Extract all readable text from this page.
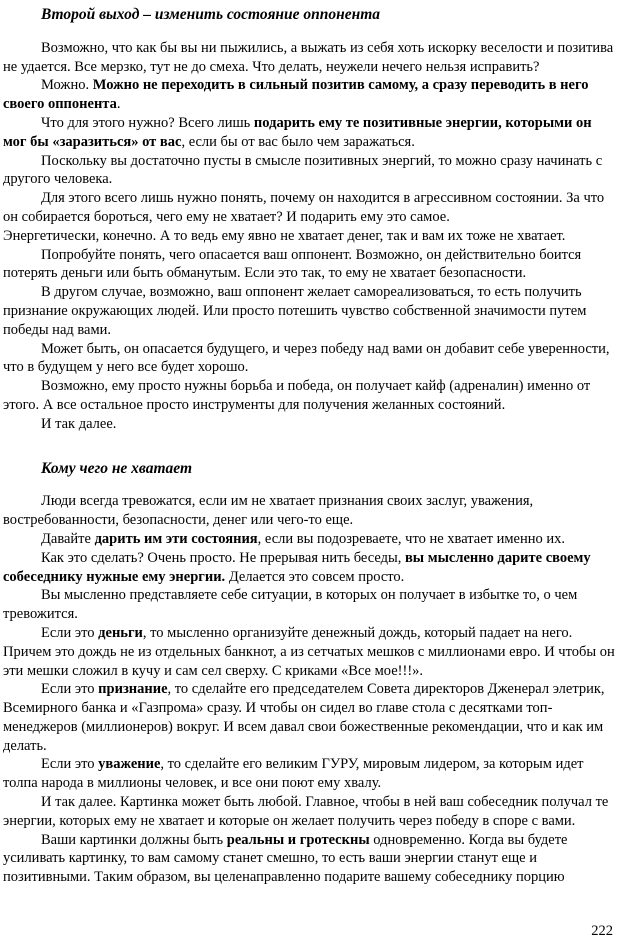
Второй выход – изменить состояние оппонента

Возможно, что как бы вы ни пыжились, а выжать из себя хоть искорку веселости и позитива не удается. Все мерзко, тут не до смеха. Что делать, неужели нечего нельзя исправить?

Можно. Можно не переходить в сильный позитив самому, а сразу переводить в него своего оппонента.

Что для этого нужно? Всего лишь подарить ему те позитивные энергии, которыми он мог бы «заразиться» от вас, если бы от вас было чем заражаться.

Поскольку вы достаточно пусты в смысле позитивных энергий, то можно сразу начинать с другого человека.

Для этого всего лишь нужно понять, почему он находится в агрессивном состоянии. За что он собирается бороться, чего ему не хватает? И подарить ему это самое.

Энергетически, конечно. А то ведь ему явно не хватает денег, так и вам их тоже не хватает.

Попробуйте понять, чего опасается ваш оппонент. Возможно, он действительно боится потерять деньги или быть обманутым. Если это так, то ему не хватает безопасности.

В другом случае, возможно, ваш оппонент желает самореализоваться, то есть получить признание окружающих людей. Или просто потешить чувство собственной значимости путем победы над вами.

Может быть, он опасается будущего, и через победу над вами он добавит себе уверенности, что в будущем у него все будет хорошо.

Возможно, ему просто нужны борьба и победа, он получает кайф (адреналин) именно от этого. А все остальное просто инструменты для получения желанных состояний.

И так далее.

Кому чего не хватает

Люди всегда тревожатся, если им не хватает признания своих заслуг, уважения, востребованности, безопасности, денег или чего-то еще.

Давайте дарить им эти состояния, если вы подозреваете, что не хватает именно их.

Как это сделать? Очень просто. Не прерывая нить беседы, вы мысленно дарите своему собеседнику нужные ему энергии. Делается это совсем просто.

Вы мысленно представляете себе ситуации, в которых он получает в избытке то, о чем тревожится.

Если это деньги, то мысленно организуйте денежный дождь, который падает на него. Причем это дождь не из отдельных банкнот, а из сетчатых мешков с миллионами евро. И чтобы он эти мешки сложил в кучу и сам сел сверху. С криками «Все мое!!!».

Если это признание, то сделайте его председателем Совета директоров Дженерал элетрик, Всемирного банка и «Газпрома» сразу. И чтобы он сидел во главе стола с десятками топ-менеджеров (миллионеров) вокруг. И всем давал свои божественные рекомендации, что и как им делать.

Если это уважение, то сделайте его великим ГУРУ, мировым лидером, за которым идет толпа народа в миллионы человек, и все они поют ему хвалу.

И так далее. Картинка может быть любой. Главное, чтобы в ней ваш собеседник получал те энергии, которых ему не хватает и которые он желает получить через победу в споре с вами.

Ваши картинки должны быть реальны и гротескны одновременно. Когда вы будете усиливать картинку, то вам самому станет смешно, то есть ваши энергии станут еще и позитивными. Таким образом, вы целенаправленно подарите вашему собеседнику порцию

222
